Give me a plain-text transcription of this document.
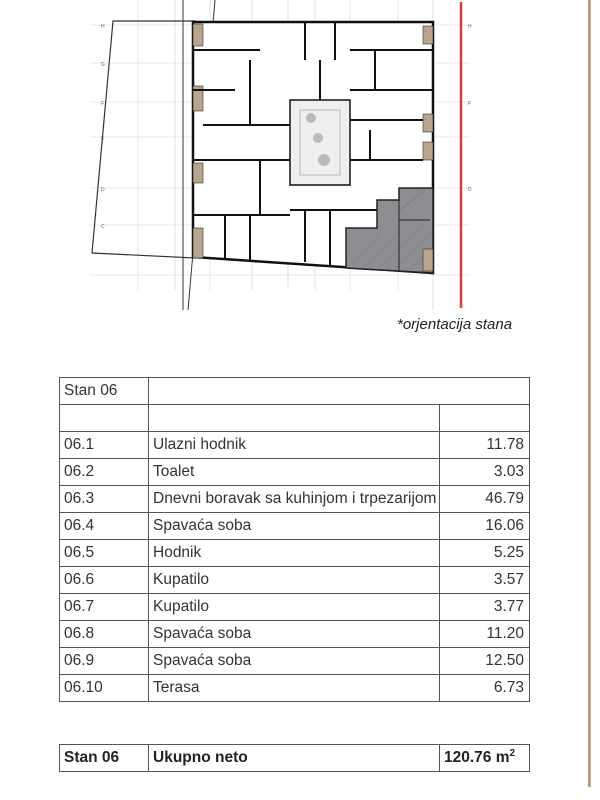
H
G
F
E
D
C
H
F
D
*orjentacija stana
Stan 06		

06.1	Ulazni hodnik	11.78
06.2	Toalet	3.03
06.3	Dnevni boravak sa kuhinjom i trpezarijom	46.79
06.4	Spavaća soba	16.06
06.5	Hodnik	5.25
06.6	Kupatilo	3.57
06.7	Kupatilo	3.77
06.8	Spavaća soba	11.20
06.9	Spavaća soba	12.50
06.10	Terasa	6.73
Stan 06	Ukupno neto	120.76 $m^2$
